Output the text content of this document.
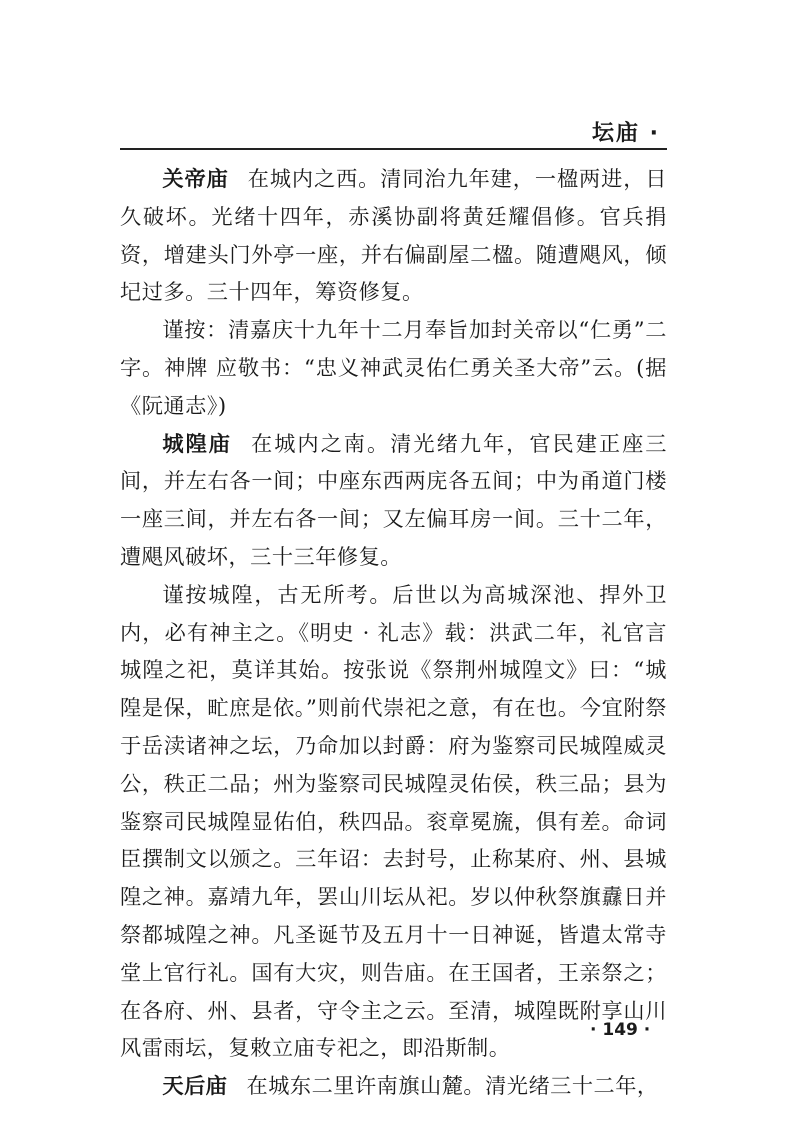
坛庙 ·

关帝庙 在城内之西。清同治九年建，一楹两进，日久破坏。光绪十四年，赤溪协副将黄廷耀倡修。官兵捐资，增建头门外亭一座，并右偏副屋二楹。随遭飓风，倾圮过多。三十四年，筹资修复。

谨按：清嘉庆十九年十二月奉旨加封关帝以“仁勇”二字。神牌 应敬书：“忠义神武灵佑仁勇关圣大帝”云。(据《阮通志》)

城隍庙 在城内之南。清光绪九年，官民建正座三间，并左右各一间；中座东西两庑各五间；中为甬道门楼一座三间，并左右各一间；又左偏耳房一间。三十二年，遭飓风破坏，三十三年修复。

谨按城隍，古无所考。后世以为高城深池、捍外卫内，必有神主之。《明史 · 礼志》载：洪武二年，礼官言城隍之祀，莫详其始。按张说《祭荆州城隍文》曰：“城隍是保，甿庶是依。”则前代崇祀之意，有在也。今宜附祭于岳渎诸神之坛，乃命加以封爵：府为鉴察司民城隍威灵公，秩正二品；州为鉴察司民城隍灵佑侯，秩三品；县为鉴察司民城隍显佑伯，秩四品。衮章冕旒，俱有差。命词臣撰制文以颁之。三年诏：去封号，止称某府、州、县城隍之神。嘉靖九年，罢山川坛从祀。岁以仲秋祭旗纛日并祭都城隍之神。凡圣诞节及五月十一日神诞，皆遣太常寺堂上官行礼。国有大灾，则告庙。在王国者，王亲祭之；在各府、州、县者，守令主之云。至清，城隍既附享山川风雷雨坛，复敕立庙专祀之，即沿斯制。

天后庙 在城东二里许南旗山麓。清光绪三十二年，

· 149 ·
